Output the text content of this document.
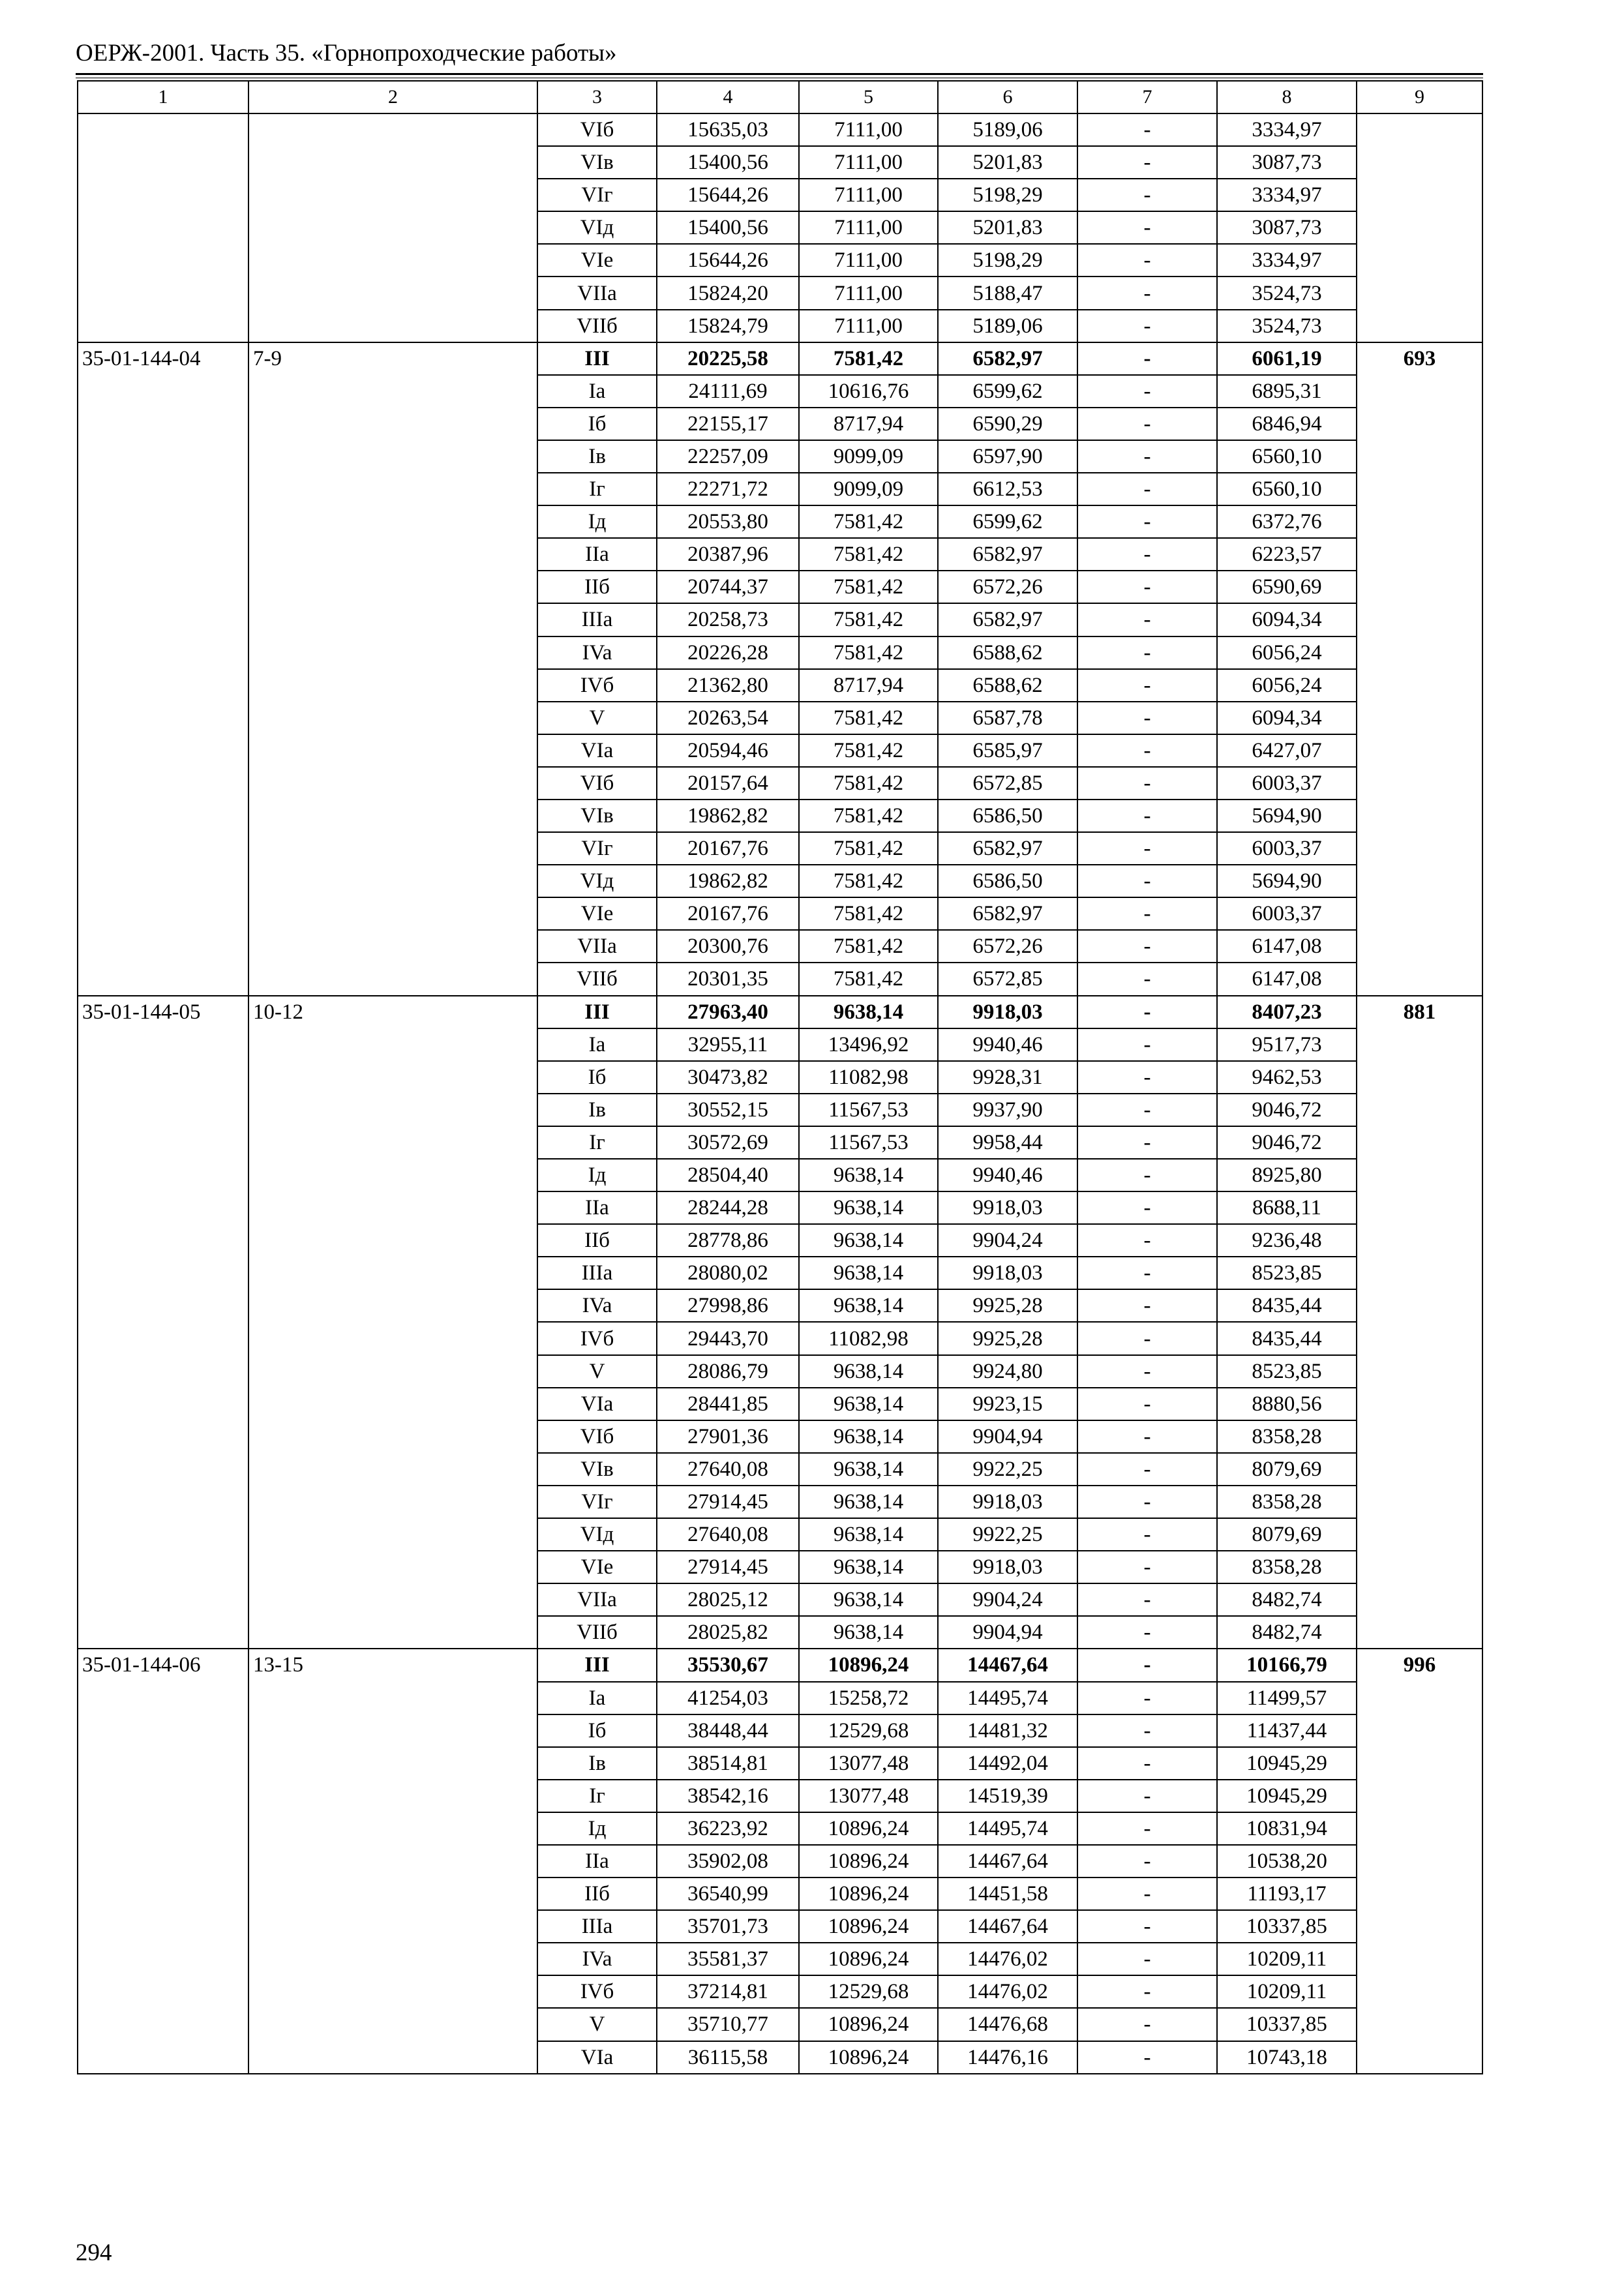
ОЕРЖ-2001. Часть 35. «Горнопроходческие работы»
1	2	3	4	5	6	7	8	9
		VIб	15635,03	7111,00	5189,06	-	3334,97	
		VIв	15400,56	7111,00	5201,83	-	3087,73	
		VIг	15644,26	7111,00	5198,29	-	3334,97	
		VIд	15400,56	7111,00	5201,83	-	3087,73	
		VIe	15644,26	7111,00	5198,29	-	3334,97	
		VIIa	15824,20	7111,00	5188,47	-	3524,73	
		VIIб	15824,79	7111,00	5189,06	-	3524,73	
35-01-144-04	7-9	III	20225,58	7581,42	6582,97	-	6061,19	693
		Ia	24111,69	10616,76	6599,62	-	6895,31	
		Iб	22155,17	8717,94	6590,29	-	6846,94	
		Iв	22257,09	9099,09	6597,90	-	6560,10	
		Iг	22271,72	9099,09	6612,53	-	6560,10	
		Iд	20553,80	7581,42	6599,62	-	6372,76	
		IIa	20387,96	7581,42	6582,97	-	6223,57	
		IIб	20744,37	7581,42	6572,26	-	6590,69	
		IIIa	20258,73	7581,42	6582,97	-	6094,34	
		IVa	20226,28	7581,42	6588,62	-	6056,24	
		IVб	21362,80	8717,94	6588,62	-	6056,24	
		V	20263,54	7581,42	6587,78	-	6094,34	
		VIa	20594,46	7581,42	6585,97	-	6427,07	
		VIб	20157,64	7581,42	6572,85	-	6003,37	
		VIв	19862,82	7581,42	6586,50	-	5694,90	
		VIг	20167,76	7581,42	6582,97	-	6003,37	
		VIд	19862,82	7581,42	6586,50	-	5694,90	
		VIe	20167,76	7581,42	6582,97	-	6003,37	
		VIIa	20300,76	7581,42	6572,26	-	6147,08	
		VIIб	20301,35	7581,42	6572,85	-	6147,08	
35-01-144-05	10-12	III	27963,40	9638,14	9918,03	-	8407,23	881
		Ia	32955,11	13496,92	9940,46	-	9517,73	
		Iб	30473,82	11082,98	9928,31	-	9462,53	
		Iв	30552,15	11567,53	9937,90	-	9046,72	
		Iг	30572,69	11567,53	9958,44	-	9046,72	
		Iд	28504,40	9638,14	9940,46	-	8925,80	
		IIa	28244,28	9638,14	9918,03	-	8688,11	
		IIб	28778,86	9638,14	9904,24	-	9236,48	
		IIIa	28080,02	9638,14	9918,03	-	8523,85	
		IVa	27998,86	9638,14	9925,28	-	8435,44	
		IVб	29443,70	11082,98	9925,28	-	8435,44	
		V	28086,79	9638,14	9924,80	-	8523,85	
		VIa	28441,85	9638,14	9923,15	-	8880,56	
		VIб	27901,36	9638,14	9904,94	-	8358,28	
		VIв	27640,08	9638,14	9922,25	-	8079,69	
		VIг	27914,45	9638,14	9918,03	-	8358,28	
		VIд	27640,08	9638,14	9922,25	-	8079,69	
		VIe	27914,45	9638,14	9918,03	-	8358,28	
		VIIa	28025,12	9638,14	9904,24	-	8482,74	
		VIIб	28025,82	9638,14	9904,94	-	8482,74	
35-01-144-06	13-15	III	35530,67	10896,24	14467,64	-	10166,79	996
		Ia	41254,03	15258,72	14495,74	-	11499,57	
		Iб	38448,44	12529,68	14481,32	-	11437,44	
		Iв	38514,81	13077,48	14492,04	-	10945,29	
		Iг	38542,16	13077,48	14519,39	-	10945,29	
		Iд	36223,92	10896,24	14495,74	-	10831,94	
		IIa	35902,08	10896,24	14467,64	-	10538,20	
		IIб	36540,99	10896,24	14451,58	-	11193,17	
		IIIa	35701,73	10896,24	14467,64	-	10337,85	
		IVa	35581,37	10896,24	14476,02	-	10209,11	
		IVб	37214,81	12529,68	14476,02	-	10209,11	
		V	35710,77	10896,24	14476,68	-	10337,85	
		VIa	36115,58	10896,24	14476,16	-	10743,18	
294
